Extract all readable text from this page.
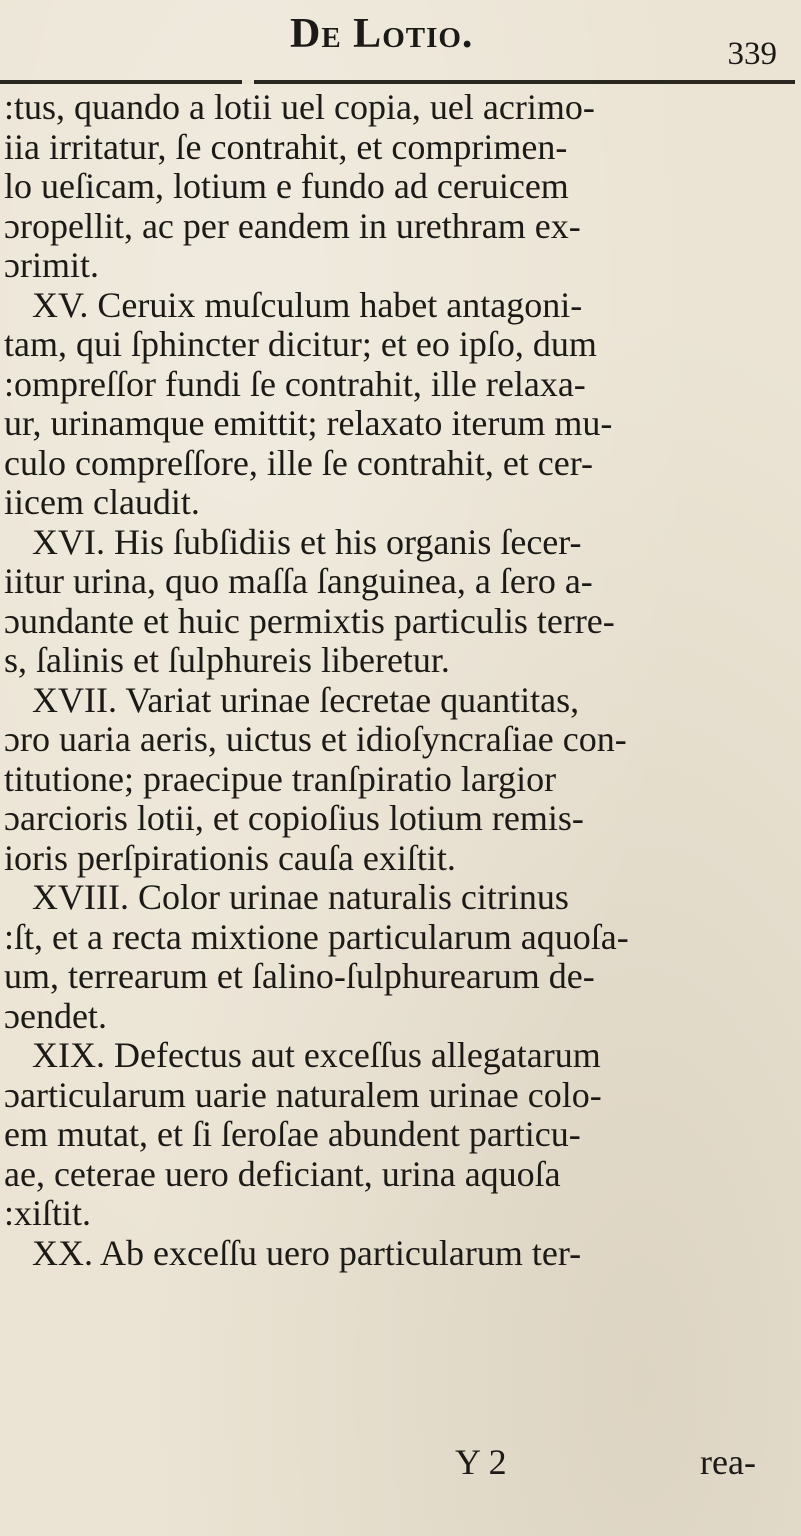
De Lotio.	339
:tus, quando a lotii uel copia, uel acrimo-
iia irritatur, ſe contrahit, et comprimen-
lo ueſicam, lotium e fundo ad ceruicem
ɔropellit, ac per eandem in urethram ex-
ɔrimit.
XV. Ceruix muſculum habet antagoni-
tam, qui ſphincter dicitur; et eo ipſo, dum
:ompreſſor fundi ſe contrahit, ille relaxa-
ur, urinamque emittit; relaxato iterum mu-
culo compreſſore, ille ſe contrahit, et cer-
iicem claudit.
XVI. His ſubſidiis et his organis ſecer-
iitur urina, quo maſſa ſanguinea, a ſero a-
ɔundante et huic permixtis particulis terre-
s, ſalinis et ſulphureis liberetur.
XVII. Variat urinae ſecretae quantitas,
ɔro uaria aeris, uictus et idioſyncraſiae con-
titutione; praecipue tranſpiratio largior
ɔarcioris lotii, et copioſius lotium remis-
ioris perſpirationis cauſa exiſtit.
XVIII. Color urinae naturalis citrinus
:ſt, et a recta mixtione particularum aquoſa-
um, terrearum et ſalino-ſulphurearum de-
ɔendet.
XIX. Defectus aut exceſſus allegatarum
ɔarticularum uarie naturalem urinae colo-
em mutat, et ſi ſeroſae abundent particu-
ae, ceterae uero deficiant, urina aquoſa
:xiſtit.
XX. Ab exceſſu uero particularum ter-
Y 2	rea-
